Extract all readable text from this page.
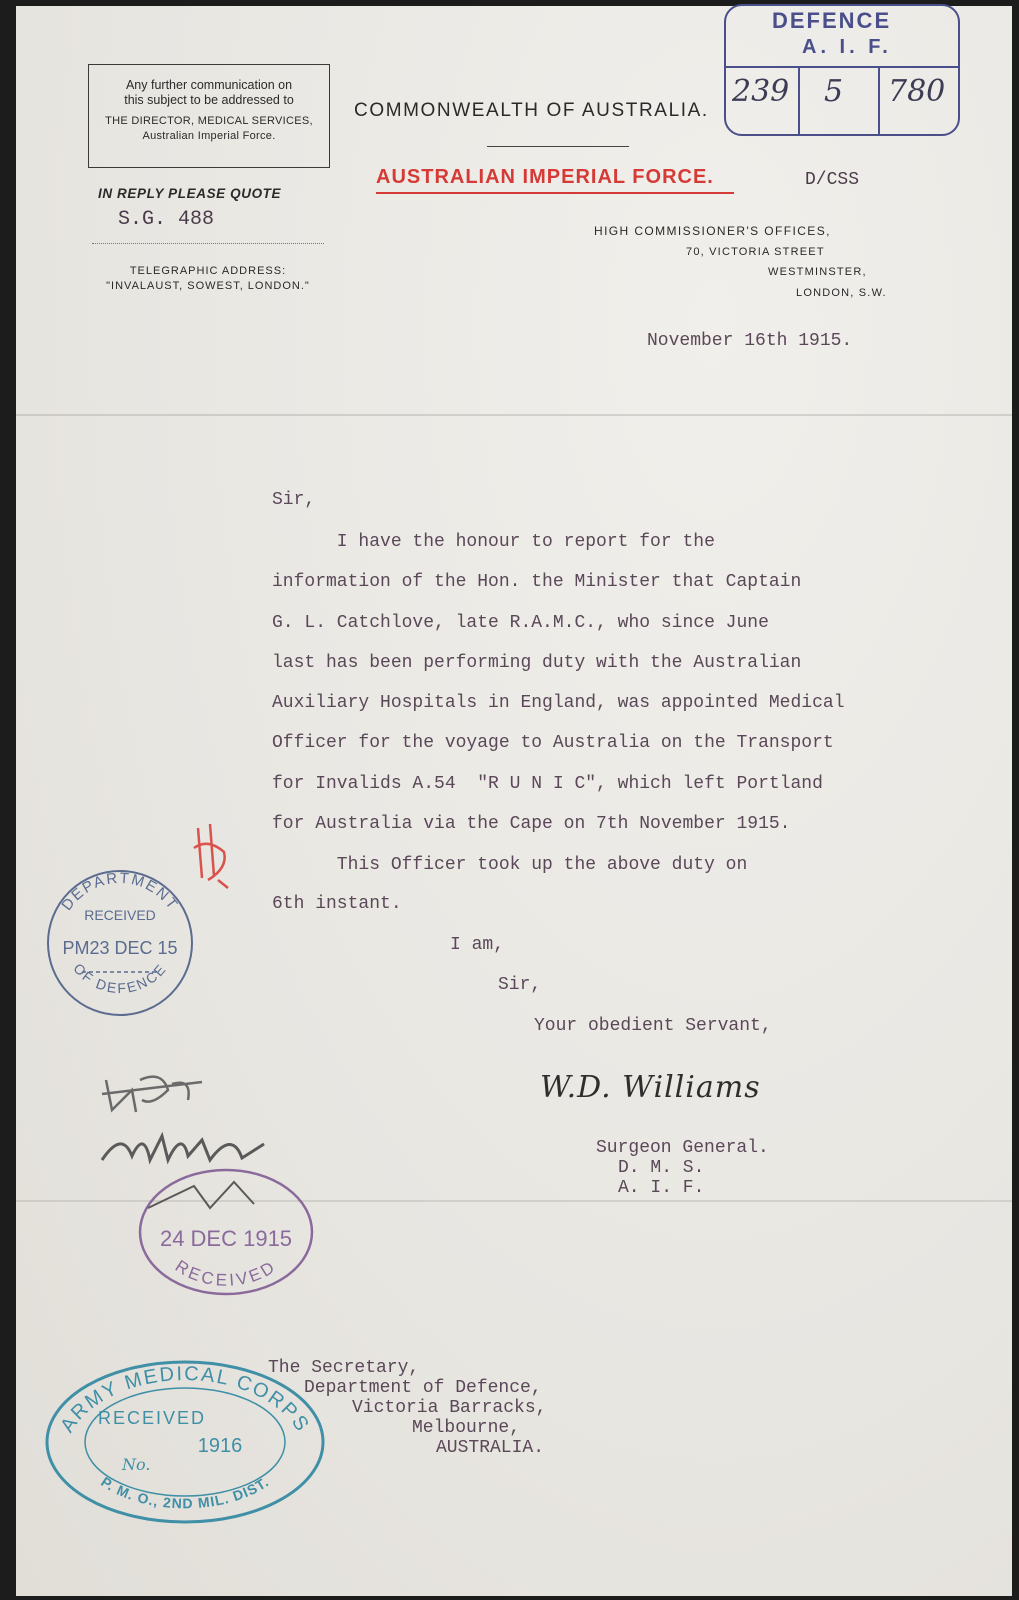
Any further communication on
this subject to be addressed to
THE DIRECTOR, MEDICAL SERVICES,
Australian Imperial Force.
IN REPLY PLEASE QUOTE
S.G. 488
TELEGRAPHIC ADDRESS:
"INVALAUST, SOWEST, LONDON."
COMMONWEALTH OF AUSTRALIA.
AUSTRALIAN IMPERIAL FORCE.	D/CSS
HIGH COMMISSIONER'S OFFICES,
70, VICTORIA STREET
WESTMINSTER,
LONDON, S.W.
DEFENCE
A. I. F.
239 5 780
November 16th 1915.
Sir,
I have the honour to report for the
information of the Hon. the Minister that Captain
G. L. Catchlove, late R.A.M.C., who since June
last has been performing duty with the Australian
Auxiliary Hospitals in England, was appointed Medical
Officer for the voyage to Australia on the Transport
for Invalids A.54  "R U N I C", which left Portland
for Australia via the Cape on 7th November 1915.
This Officer took up the above duty on
6th instant.
I am,
Sir,
Your obedient Servant,
W.D. Williams
Surgeon General.
D. M. S.
A. I. F.
The Secretary,
Department of Defence,
Victoria Barracks,
Melbourne,
AUSTRALIA.
DEPARTMENT
RECEIVED
PM23 DEC 15
OF DEFENCE
24 DEC 1915
RECEIVED
ARMY MEDICAL CORPS
RECEIVED
1916
No.
P. M. O., 2ND MIL. DIST.
